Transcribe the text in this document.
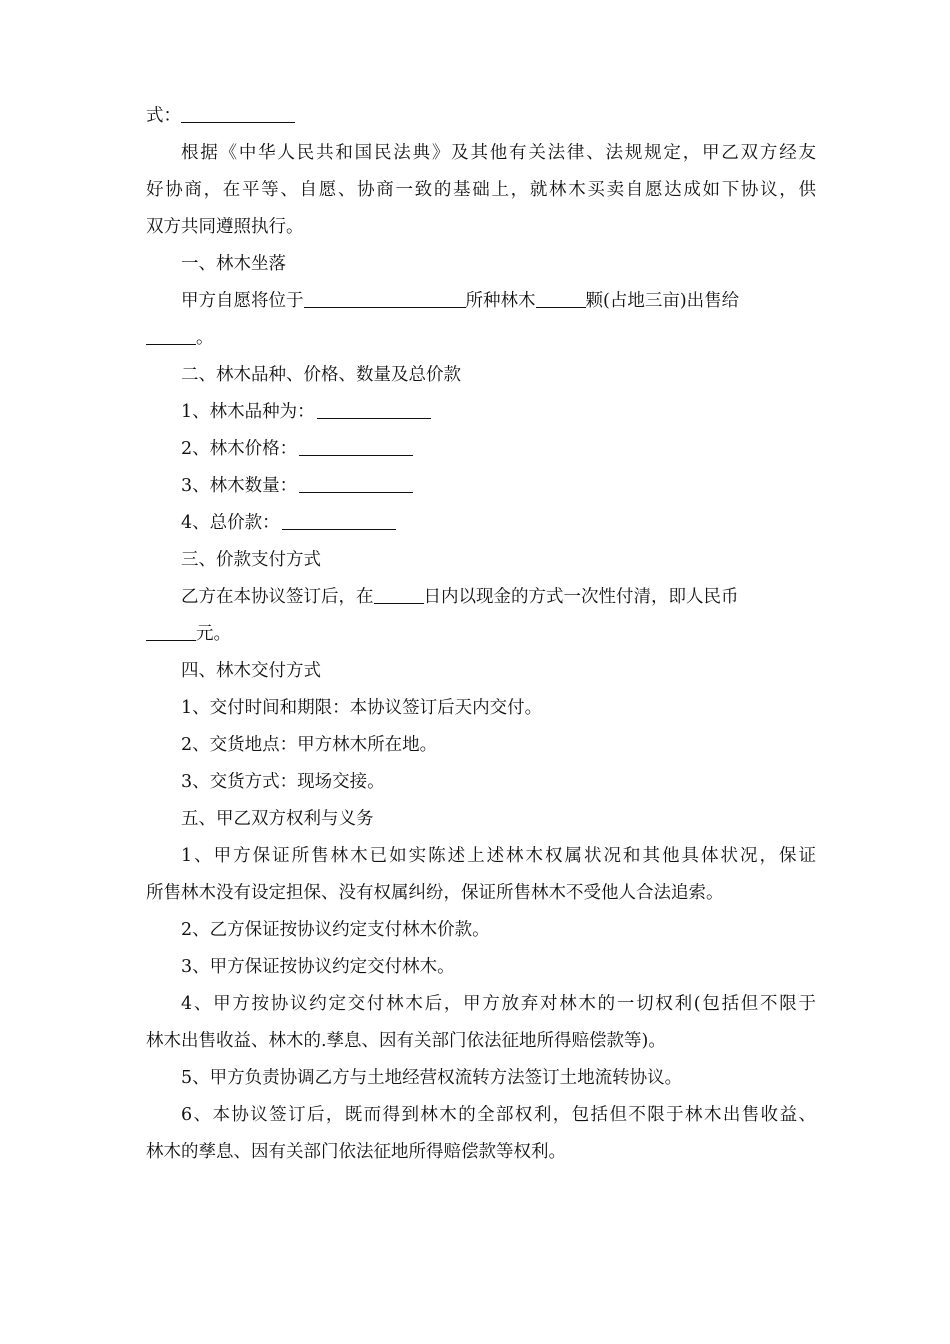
式：
根据《中华人民共和国民法典》及其他有关法律、法规规定，甲乙双方经友
好协商，在平等、自愿、协商一致的基础上，就林木买卖自愿达成如下协议，供
双方共同遵照执行。
一、林木坐落
甲方自愿将位于	所种林木	颗(占地三亩)出售给
。
二、林木品种、价格、数量及总价款
1、林木品种为：
2、林木价格：
3、林木数量：
4、总价款：
三、价款支付方式
乙方在本协议签订后，在	日内以现金的方式一次性付清，即人民币
元。
四、林木交付方式
1、交付时间和期限：本协议签订后天内交付。
2、交货地点：甲方林木所在地。
3、交货方式：现场交接。
五、甲乙双方权利与义务
1、甲方保证所售林木已如实陈述上述林木权属状况和其他具体状况，保证
所售林木没有设定担保、没有权属纠纷，保证所售林木不受他人合法追索。
2、乙方保证按协议约定支付林木价款。
3、甲方保证按协议约定交付林木。
4、甲方按协议约定交付林木后，甲方放弃对林木的一切权利(包括但不限于
林木出售收益、林木的.孳息、因有关部门依法征地所得赔偿款等)。
5、甲方负责协调乙方与土地经营权流转方法签订土地流转协议。
6、本协议签订后，既而得到林木的全部权利，包括但不限于林木出售收益、
林木的孳息、因有关部门依法征地所得赔偿款等权利。
